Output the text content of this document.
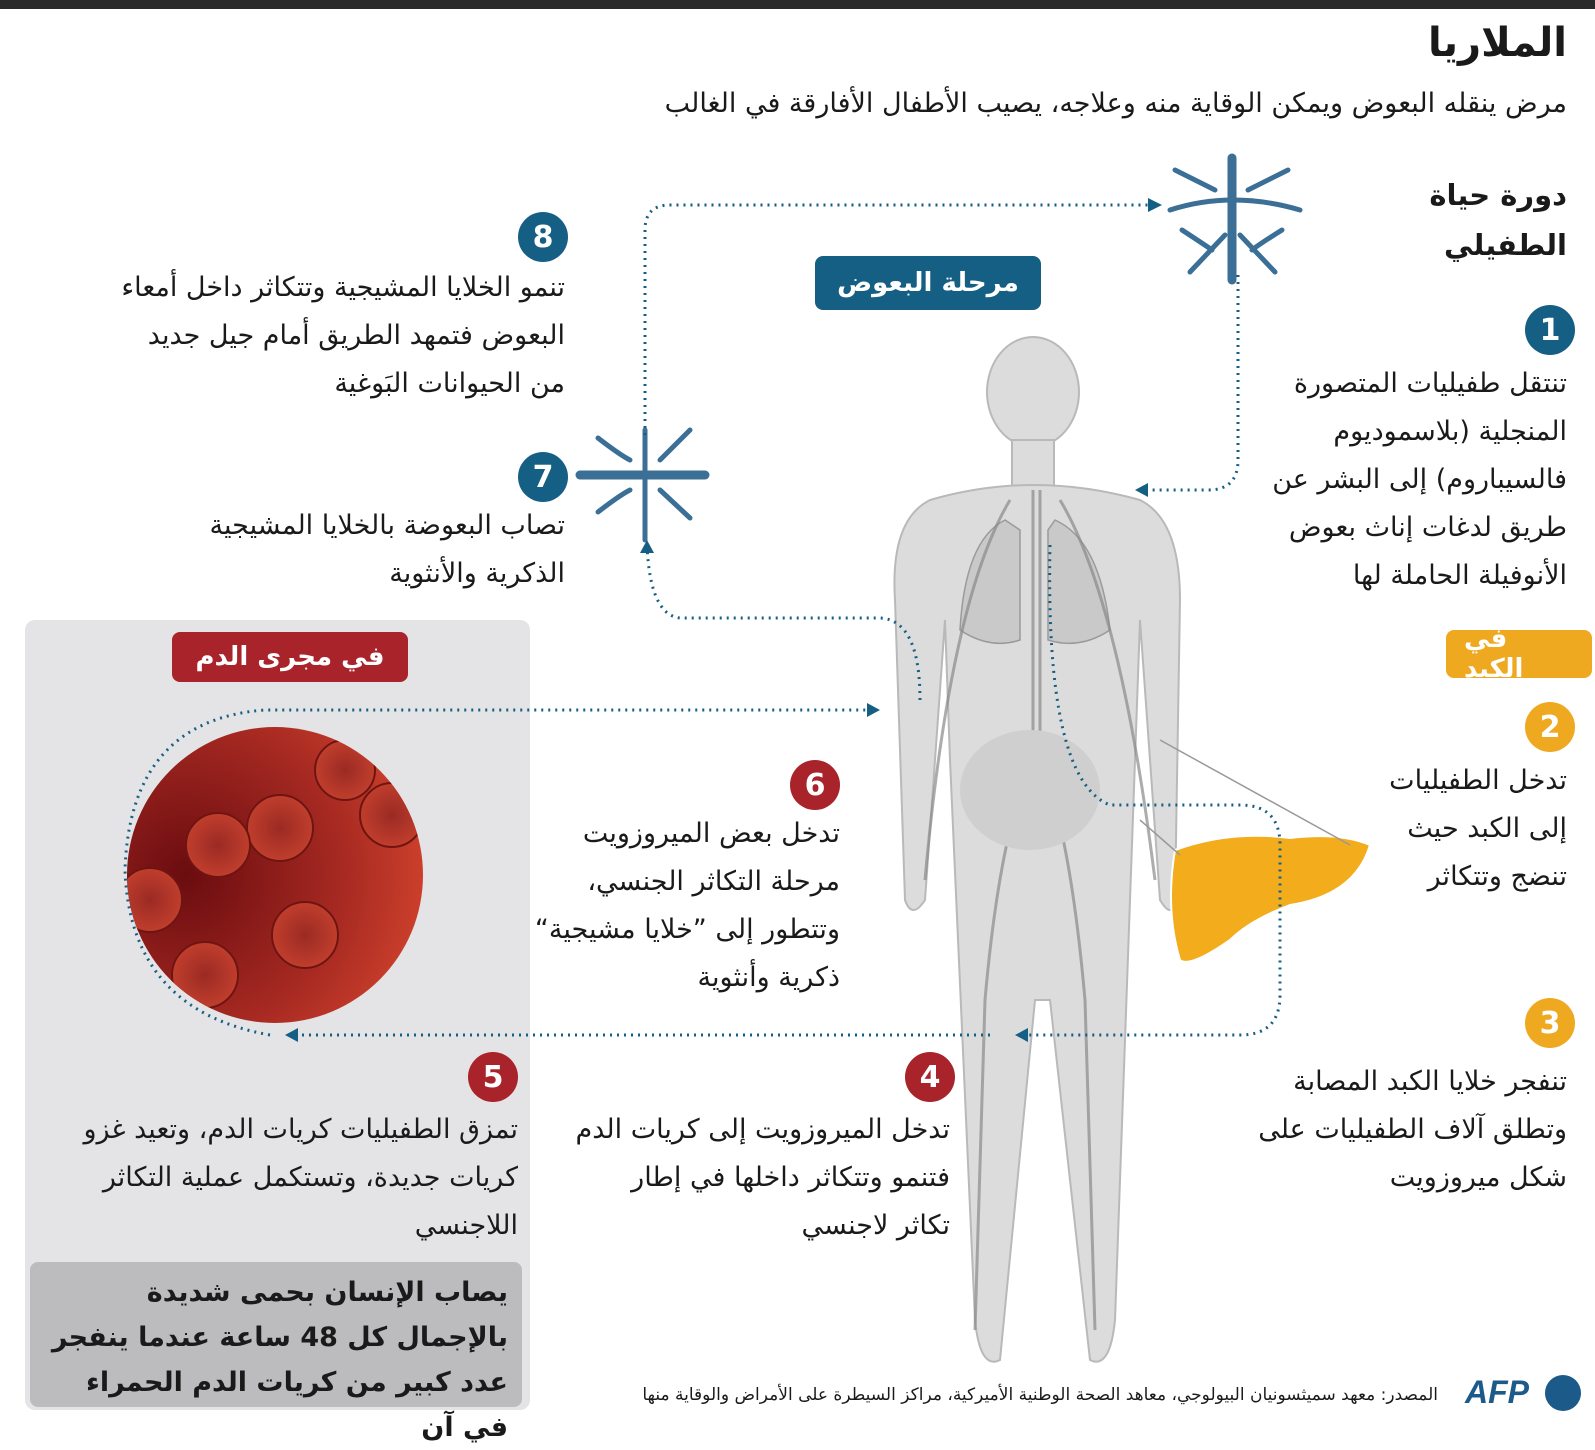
الملاريا
مرض ينقله البعوض ويمكن الوقاية منه وعلاجه، يصيب الأطفال الأفارقة في الغالب
دورة حياة الطفيلي
مرحلة البعوض
في الكبد
في مجرى الدم
1
2
3
4
5
6
7
8
تنتقل طفيليات المتصورة المنجلية (بلاسموديوم فالسيباروم) إلى البشر عن طريق لدغات إناث بعوض الأنوفيلة الحاملة لها
تدخل الطفيليات إلى الكبد حيث تنضج وتتكاثر
تنفجر خلايا الكبد المصابة وتطلق آلاف الطفيليات على شكل ميروزويت
تدخل الميروزويت إلى كريات الدم فتنمو وتتكاثر داخلها في إطار تكاثر لاجنسي
تمزق الطفيليات كريات الدم، وتعيد غزو كريات جديدة، وتستكمل عملية التكاثر اللاجنسي
تدخل بعض الميروزويت مرحلة التكاثر الجنسي، وتتطور إلى ”خلايا مشيجية“ ذكرية وأنثوية
تصاب البعوضة بالخلايا المشيجية الذكرية والأنثوية
تنمو الخلايا المشيجية وتتكاثر داخل أمعاء البعوض فتمهد الطريق أمام جيل جديد من الحيوانات البَوغية
يصاب الإنسان بحمى شديدة بالإجمال كل 48 ساعة عندما ينفجر عدد كبير من كريات الدم الحمراء في آن
المصدر: معهد سميثسونيان البيولوجي، معاهد الصحة الوطنية الأميركية، مراكز السيطرة على الأمراض والوقاية منها AFP
